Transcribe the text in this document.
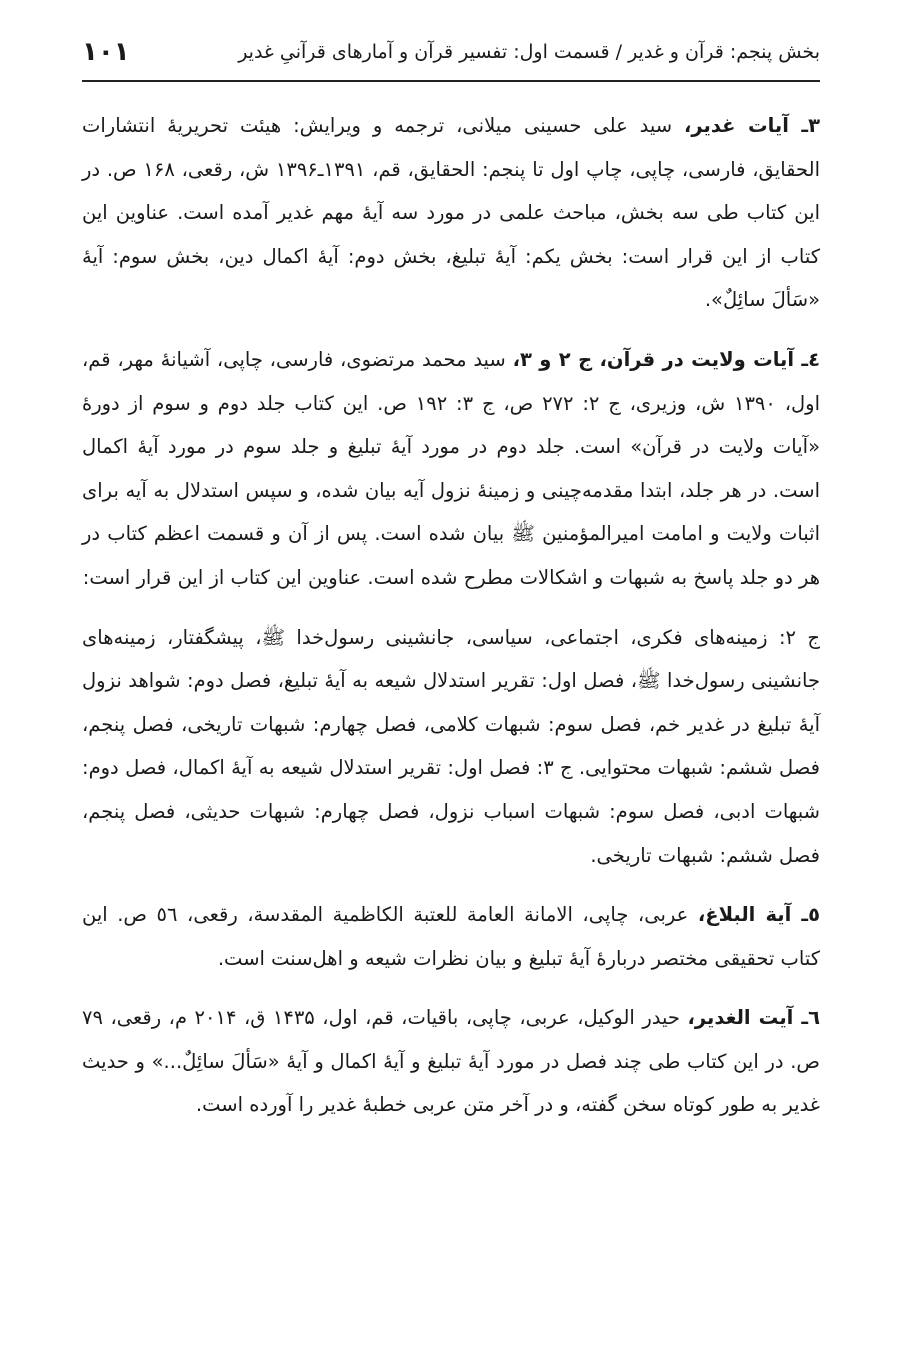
بخش پنجم: قرآن و غدیر / قسمت اول: تفسیر قرآن و آمارهای قرآنیِ غدیر
۱۰۱

۳ـ آیات غدیر، سید علی حسینی میلانی، ترجمه و ویرایش: هیئت تحریریهٔ انتشارات الحقایق، فارسی، چاپی، چاپ اول تا پنجم: الحقایق، قم، ۱۳۹۱ـ۱۳۹۶ ش، رقعی، ۱۶۸ ص. در این کتاب طی سه بخش، مباحث علمی در مورد سه آیهٔ مهم غدیر آمده است. عناوین این کتاب از این قرار است: بخش یکم: آیهٔ تبلیغ، بخش دوم: آیهٔ اکمال دین، بخش سوم: آیهٔ «سَألَ سائِلٌ».

٤ـ آیات ولایت در قرآن، ج ۲ و ۳، سید محمد مرتضوی، فارسی، چاپی، آشیانهٔ مهر، قم، اول، ۱۳۹۰ ش، وزیری، ج ۲: ۲۷۲ ص، ج ۳: ۱۹۲ ص. این کتاب جلد دوم و سوم از دورهٔ «آیات ولایت در قرآن» است. جلد دوم در مورد آیهٔ تبلیغ و جلد سوم در مورد آیهٔ اکمال است. در هر جلد، ابتدا مقدمه‌چینی و زمینهٔ نزول آیه بیان شده، و سپس استدلال به آیه برای اثبات ولایت و امامت امیرالمؤمنین ﷺ بیان شده است. پس از آن و قسمت اعظم کتاب در هر دو جلد پاسخ به شبهات و اشکالات مطرح شده است. عناوین این کتاب از این قرار است:

ج ۲: زمینه‌های فکری، اجتماعی، سیاسی، جانشینی رسول‌خدا ﷺ، پیشگفتار، زمینه‌های جانشینی رسول‌خدا ﷺ، فصل اول: تقریر استدلال شیعه به آیهٔ تبلیغ، فصل دوم: شواهد نزول آیهٔ تبلیغ در غدیر خم، فصل سوم: شبهات کلامی، فصل چهارم: شبهات تاریخی، فصل پنجم، فصل ششم: شبهات محتوایی. ج ۳: فصل اول: تقریر استدلال شیعه به آیهٔ اکمال، فصل دوم: شبهات ادبی، فصل سوم: شبهات اسباب نزول، فصل چهارم: شبهات حدیثی، فصل پنجم، فصل ششم: شبهات تاریخی.

٥ـ آیة البلاغ، عربی، چاپی، الامانة العامة للعتبة الکاظمیة المقدسة، رقعی، ٥٦ ص. این کتاب تحقیقی مختصر دربارهٔ آیهٔ تبلیغ و بیان نظرات شیعه و اهل‌سنت است.

٦ـ آیت الغدیر، حیدر الوکیل، عربی، چاپی، باقیات، قم، اول، ۱۴۳۵ ق، ۲۰۱۴ م، رقعی، ۷۹ ص. در این کتاب طی چند فصل در مورد آیهٔ تبلیغ و آیهٔ اکمال و آیهٔ «سَألَ سائِلٌ...» و حدیث غدیر به طور کوتاه سخن گفته، و در آخر متن عربی خطبهٔ غدیر را آورده است.
